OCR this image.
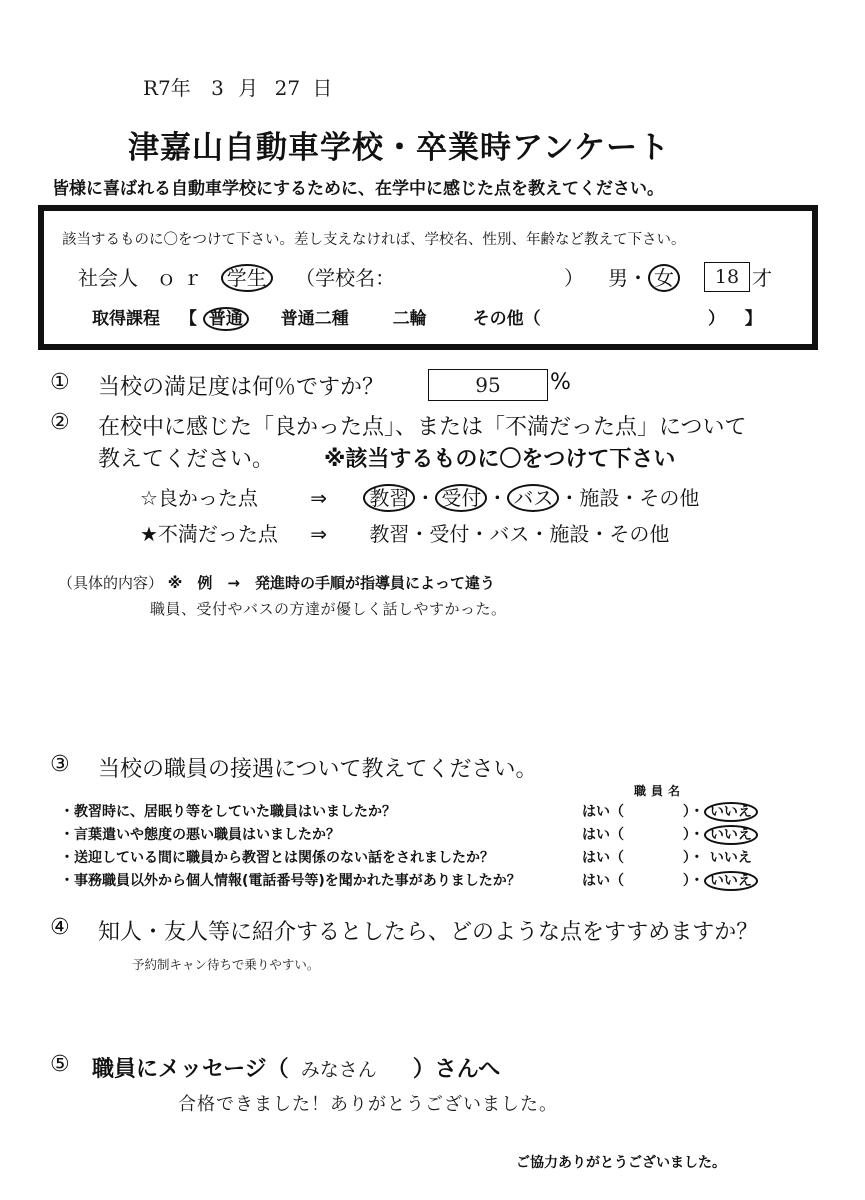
R7年 3 月 27 日
津嘉山自動車学校・卒業時アンケート
皆様に喜ばれる自動車学校にするために、在学中に感じた点を教えてください。
該当するものに〇をつけて下さい。差し支えなければ、学校名、性別、年齢など教えて下さい。
社会人 ｏｒ 学生 （学校名：	） 男・ 女	18 才
取得課程 【 普通 普通二種	二輪	その他（	） 】
① 当校の満足度は何％ですか？	95	%
② 在校中に感じた「良かった点」、または「不満だった点」について
教えてください。 ※該当するものに〇をつけて下さい
☆良かった点	⇒ 教習 ・ 受付 ・ バス ・施設・その他
★不満だった点 ⇒ 教習・受付・バス・施設・その他
（具体的内容） ※　例　→　発進時の手順が指導員によって違う
職員、受付やバスの方達が優しく話しやすかった。
③ 当校の職員の接遇について教えてください。
職員名
・教習時に、居眠り等をしていた職員はいましたか？	はい（	）・ いいえ
・言葉遣いや態度の悪い職員はいましたか？	はい（	）・ いいえ
・送迎している間に職員から教習とは関係のない話をされましたか？	はい（	）・ いいえ
・事務職員以外から個人情報(電話番号等)を聞かれた事がありましたか？	はい（	）・ いいえ
④ 知人・友人等に紹介するとしたら、どのような点をすすめますか？
予約制キャン待ちで乗りやすい。
⑤ 職員にメッセージ（ みなさん ）さんへ
合格できました！ありがとうございました。
ご協力ありがとうございました。
